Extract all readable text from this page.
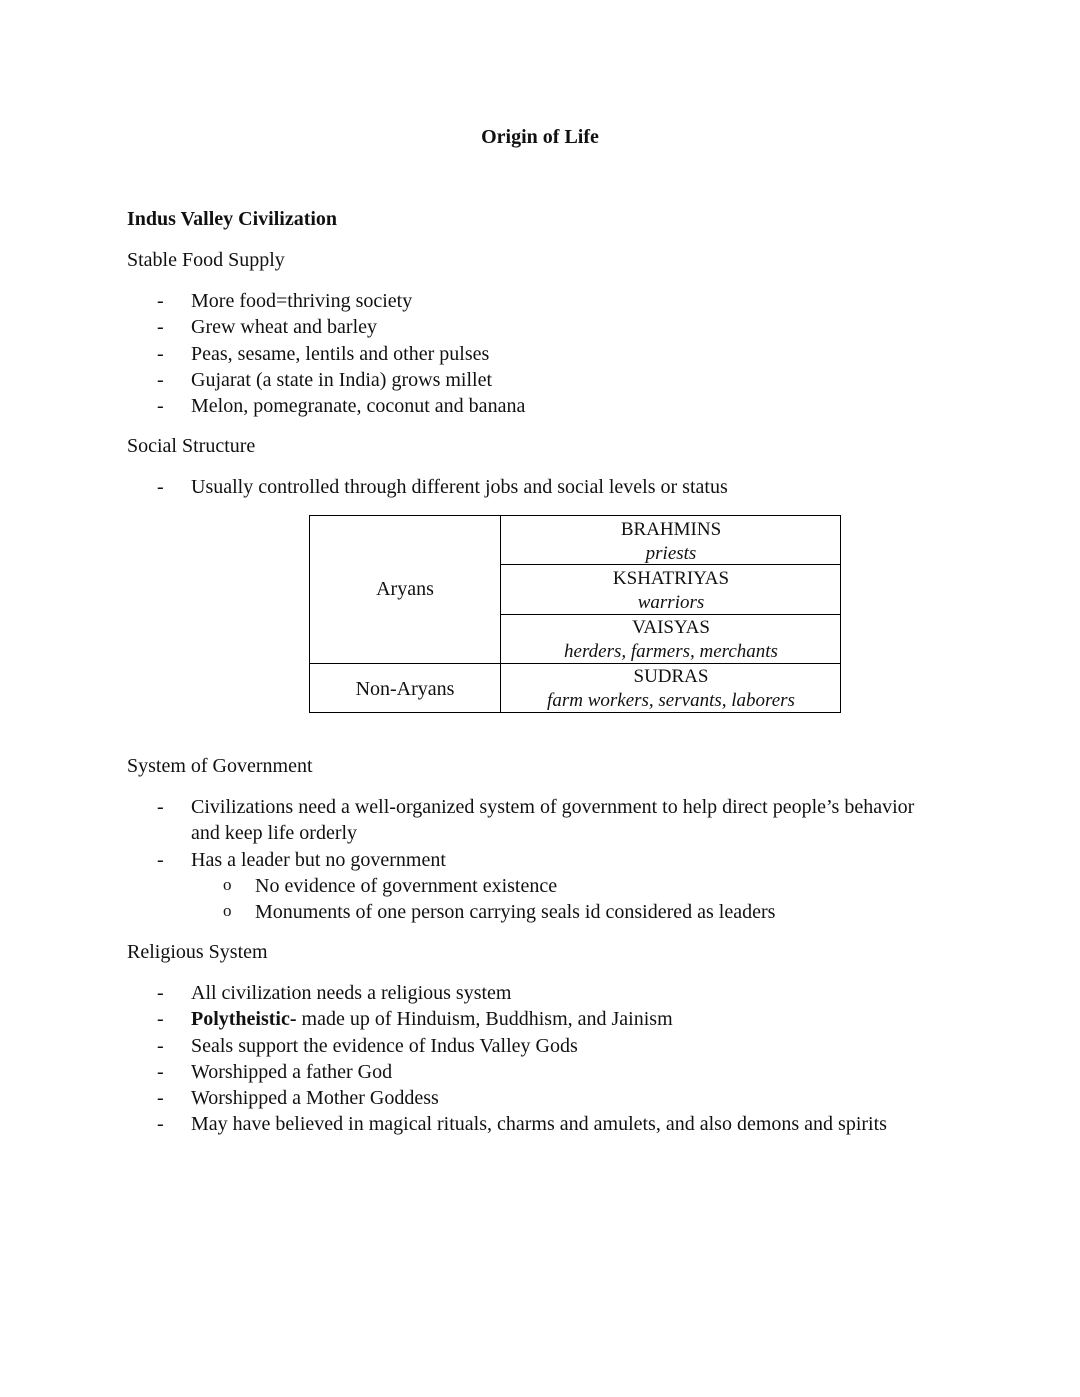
Origin of Life
Indus Valley Civilization
Stable Food Supply
- More food=thriving society
- Grew wheat and barley
- Peas, sesame, lentils and other pulses
- Gujarat (a state in India) grows millet
- Melon, pomegranate, coconut and banana
Social Structure
- Usually controlled through different jobs and social levels or status
Aryans
Non-Aryans
BRAHMINS
priests
KSHATRIYAS
warriors
VAISYAS
herders, farmers, merchants
SUDRAS
farm workers, servants, laborers
System of Government
- Civilizations need a well-organized system of government to help direct people’s behavior
and keep life orderly
- Has a leader but no government
o No evidence of government existence
o Monuments of one person carrying seals id considered as leaders
Religious System
- All civilization needs a religious system
- Polytheistic- made up of Hinduism, Buddhism, and Jainism
- Seals support the evidence of Indus Valley Gods
- Worshipped a father God
- Worshipped a Mother Goddess
- May have believed in magical rituals, charms and amulets, and also demons and spirits
